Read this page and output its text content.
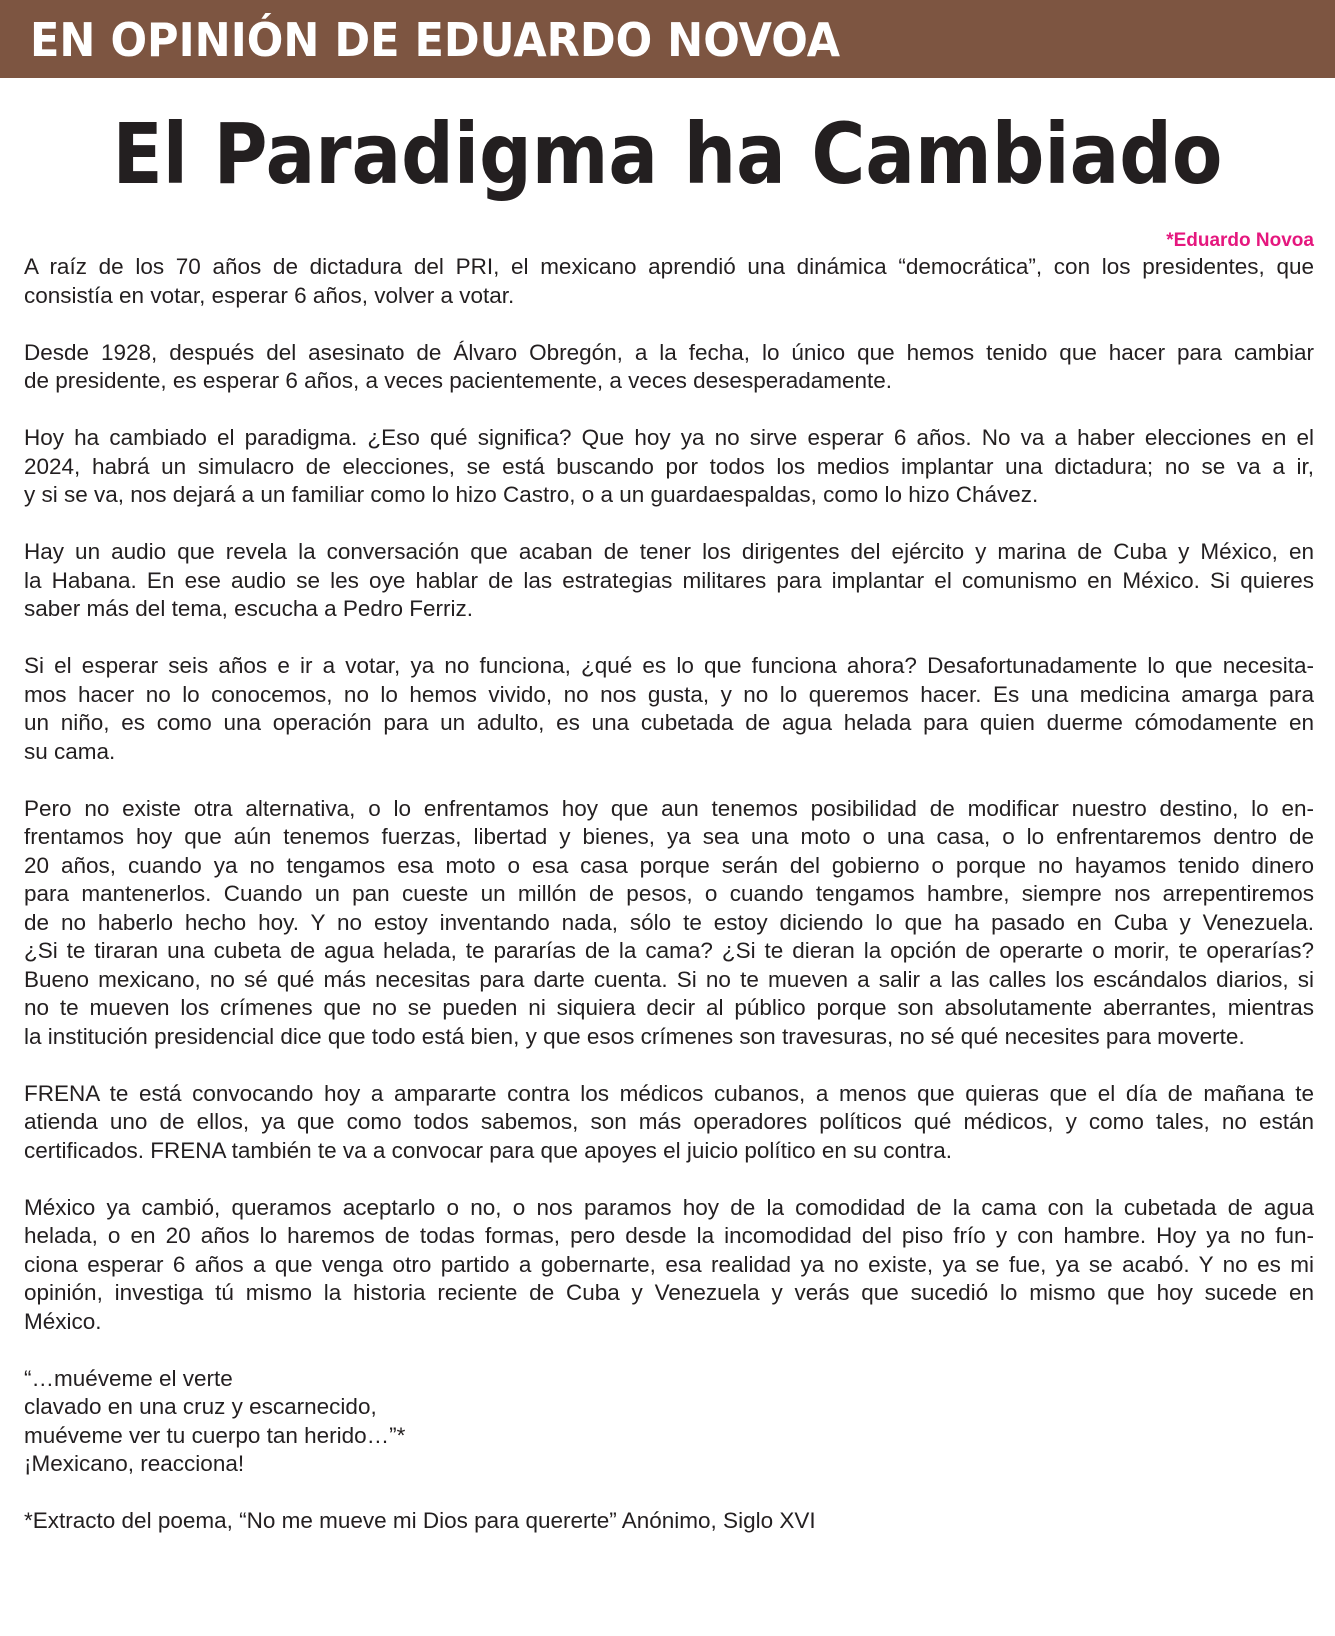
EN OPINIÓN DE EDUARDO NOVOA
El Paradigma ha Cambiado
*Eduardo Novoa

A raíz de los 70 años de dictadura del PRI, el mexicano aprendió una dinámica “democrática”, con los presidentes, que
consistía en votar, esperar 6 años, volver a votar.

Desde 1928, después del asesinato de Álvaro Obregón, a la fecha, lo único que hemos tenido que hacer para cambiar
de presidente, es esperar 6 años, a veces pacientemente, a veces desesperadamente.

Hoy ha cambiado el paradigma. ¿Eso qué significa? Que hoy ya no sirve esperar 6 años. No va a haber elecciones en el
2024, habrá un simulacro de elecciones, se está buscando por todos los medios implantar una dictadura; no se va a ir,
y si se va, nos dejará a un familiar como lo hizo Castro, o a un guardaespaldas, como lo hizo Chávez.

Hay un audio que revela la conversación que acaban de tener los dirigentes del ejército y marina de Cuba y México, en
la Habana. En ese audio se les oye hablar de las estrategias militares para implantar el comunismo en México. Si quieres
saber más del tema, escucha a Pedro Ferriz.

Si el esperar seis años e ir a votar, ya no funciona, ¿qué es lo que funciona ahora? Desafortunadamente lo que necesita-
mos hacer no lo conocemos, no lo hemos vivido, no nos gusta, y no lo queremos hacer. Es una medicina amarga para
un niño, es como una operación para un adulto, es una cubetada de agua helada para quien duerme cómodamente en
su cama.

Pero no existe otra alternativa, o lo enfrentamos hoy que aun tenemos posibilidad de modificar nuestro destino, lo en-
frentamos hoy que aún tenemos fuerzas, libertad y bienes, ya sea una moto o una casa, o lo enfrentaremos dentro de
20 años, cuando ya no tengamos esa moto o esa casa porque serán del gobierno o porque no hayamos tenido dinero
para mantenerlos. Cuando un pan cueste un millón de pesos, o cuando tengamos hambre, siempre nos arrepentiremos
de no haberlo hecho hoy. Y no estoy inventando nada, sólo te estoy diciendo lo que ha pasado en Cuba y Venezuela.
¿Si te tiraran una cubeta de agua helada, te pararías de la cama? ¿Si te dieran la opción de operarte o morir, te operarías?
Bueno mexicano, no sé qué más necesitas para darte cuenta. Si no te mueven a salir a las calles los escándalos diarios, si
no te mueven los crímenes que no se pueden ni siquiera decir al público porque son absolutamente aberrantes, mientras
la institución presidencial dice que todo está bien, y que esos crímenes son travesuras, no sé qué necesites para moverte.

FRENA te está convocando hoy a ampararte contra los médicos cubanos, a menos que quieras que el día de mañana te
atienda uno de ellos, ya que como todos sabemos, son más operadores políticos qué médicos, y como tales, no están
certificados. FRENA también te va a convocar para que apoyes el juicio político en su contra.

México ya cambió, queramos aceptarlo o no, o nos paramos hoy de la comodidad de la cama con la cubetada de agua
helada, o en 20 años lo haremos de todas formas, pero desde la incomodidad del piso frío y con hambre. Hoy ya no fun-
ciona esperar 6 años a que venga otro partido a gobernarte, esa realidad ya no existe, ya se fue, ya se acabó. Y no es mi
opinión, investiga tú mismo la historia reciente de Cuba y Venezuela y verás que sucedió lo mismo que hoy sucede en
México.

“…muéveme el verte
clavado en una cruz y escarnecido,
muéveme ver tu cuerpo tan herido…”*
¡Mexicano, reacciona!

*Extracto del poema, “No me mueve mi Dios para quererte” Anónimo, Siglo XVI
